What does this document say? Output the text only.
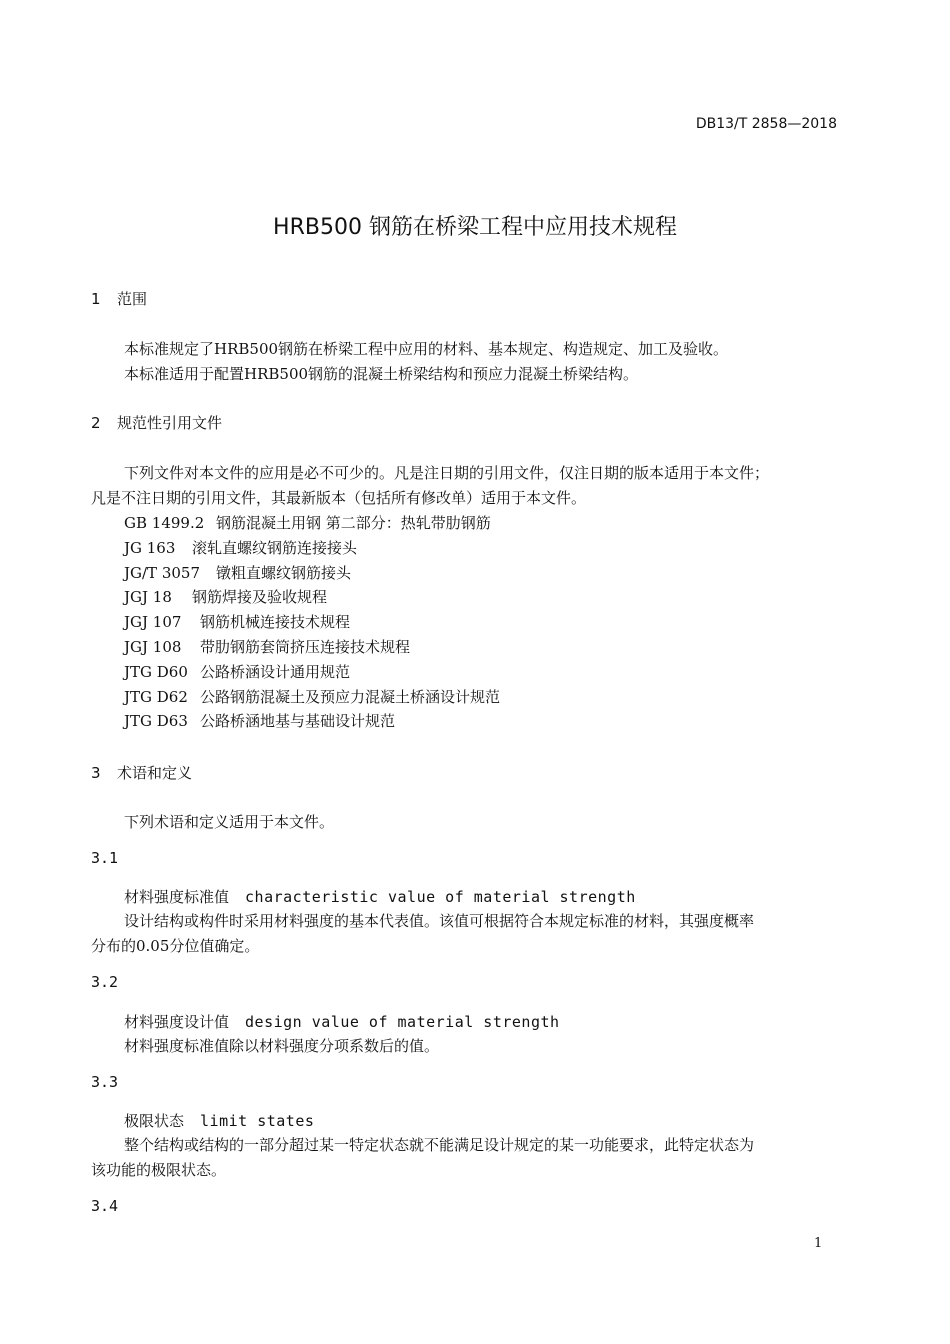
DB13/T 2858—2018
HRB500 钢筋在桥梁工程中应用技术规程
1 范围
本标准规定了HRB500钢筋在桥梁工程中应用的材料、基本规定、构造规定、加工及验收。
本标准适用于配置HRB500钢筋的混凝土桥梁结构和预应力混凝土桥梁结构。
2 规范性引用文件
下列文件对本文件的应用是必不可少的。凡是注日期的引用文件，仅注日期的版本适用于本文件；
凡是不注日期的引用文件，其最新版本（包括所有修改单）适用于本文件。
GB 1499.2 钢筋混凝土用钢 第二部分：热轧带肋钢筋
JG 163 滚轧直螺纹钢筋连接接头
JG/T 3057 镦粗直螺纹钢筋接头
JGJ 18 钢筋焊接及验收规程
JGJ 107 钢筋机械连接技术规程
JGJ 108 带肋钢筋套筒挤压连接技术规程
JTG D60 公路桥涵设计通用规范
JTG D62 公路钢筋混凝土及预应力混凝土桥涵设计规范
JTG D63 公路桥涵地基与基础设计规范
3 术语和定义
下列术语和定义适用于本文件。
3.1
材料强度标准值 characteristic value of material strength
设计结构或构件时采用材料强度的基本代表值。该值可根据符合本规定标准的材料，其强度概率
分布的0.05分位值确定。
3.2
材料强度设计值 design value of material strength
材料强度标准值除以材料强度分项系数后的值。
3.3
极限状态 limit states
整个结构或结构的一部分超过某一特定状态就不能满足设计规定的某一功能要求，此特定状态为
该功能的极限状态。
3.4
1
